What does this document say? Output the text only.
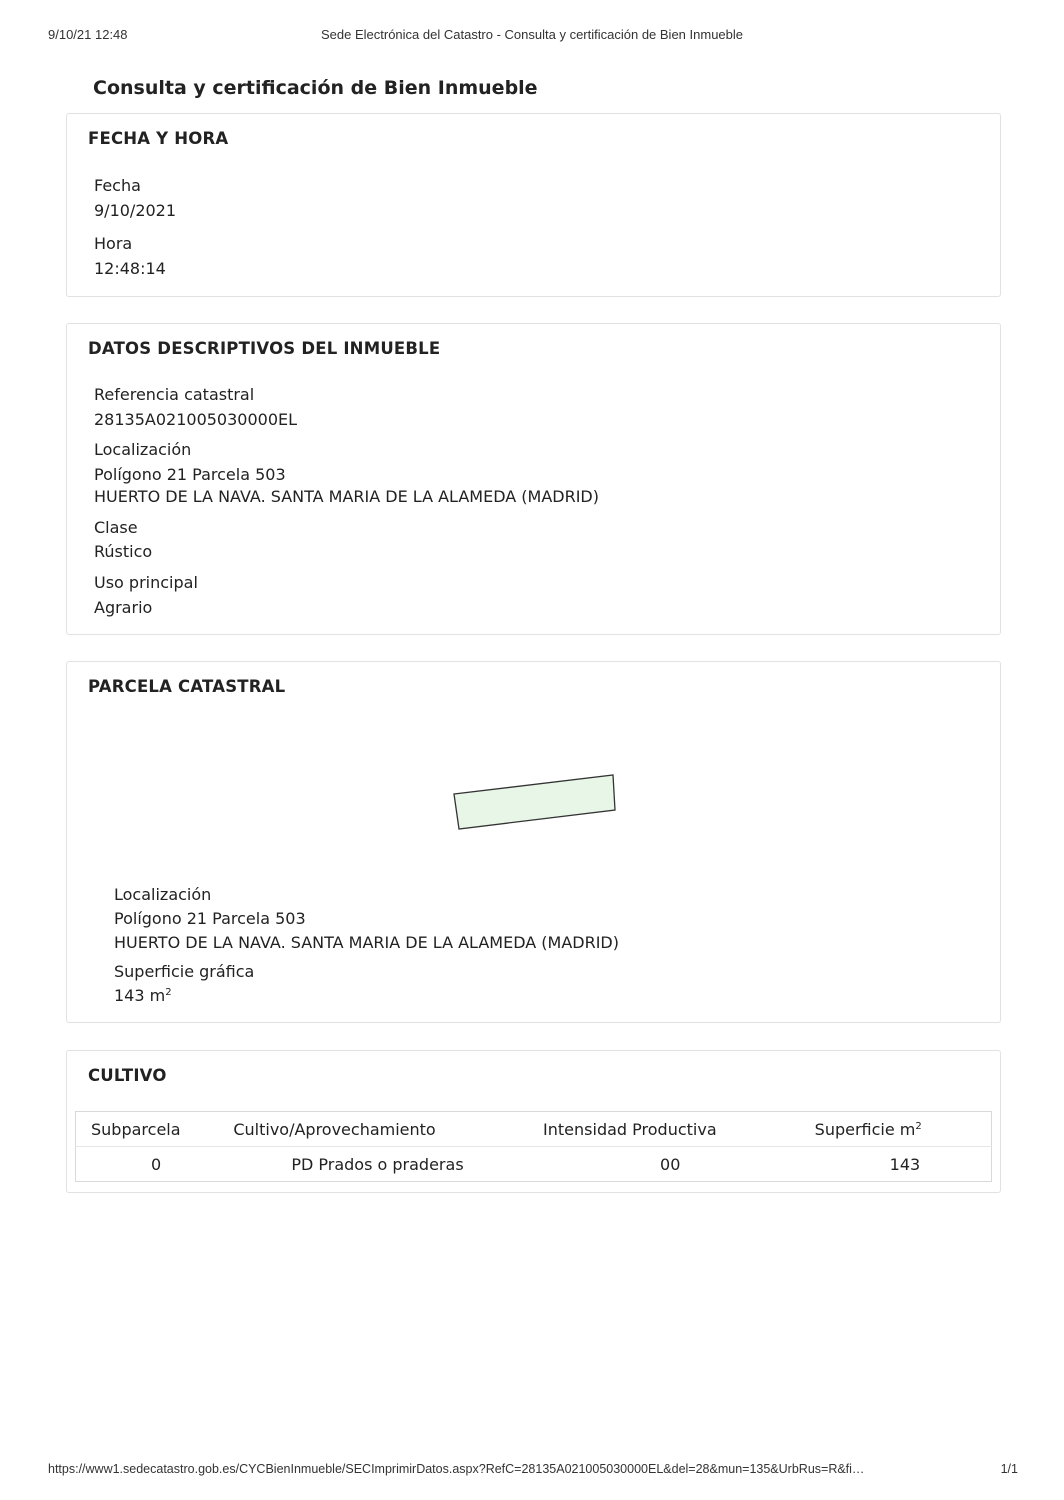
9/10/21 12:48	Sede Electrónica del Catastro - Consulta y certificación de Bien Inmueble
Consulta y certificación de Bien Inmueble
FECHA Y HORA
Fecha
9/10/2021
Hora
12:48:14
DATOS DESCRIPTIVOS DEL INMUEBLE
Referencia catastral
28135A021005030000EL
Localización
Polígono 21 Parcela 503
HUERTO DE LA NAVA. SANTA MARIA DE LA ALAMEDA (MADRID)
Clase
Rústico
Uso principal
Agrario
PARCELA CATASTRAL
Localización
Polígono 21 Parcela 503
HUERTO DE LA NAVA. SANTA MARIA DE LA ALAMEDA (MADRID)
Superficie gráfica
143 $m^2$
CULTIVO
Subparcela	Cultivo/Aprovechamiento	Intensidad Productiva	Superficie $m^2$
0	PD Prados o praderas	00	143
https://www1.sedecatastro.gob.es/CYCBienInmueble/SECImprimirDatos.aspx?RefC=28135A021005030000EL&del=28&mun=135&UrbRus=R&fi…	1/1
